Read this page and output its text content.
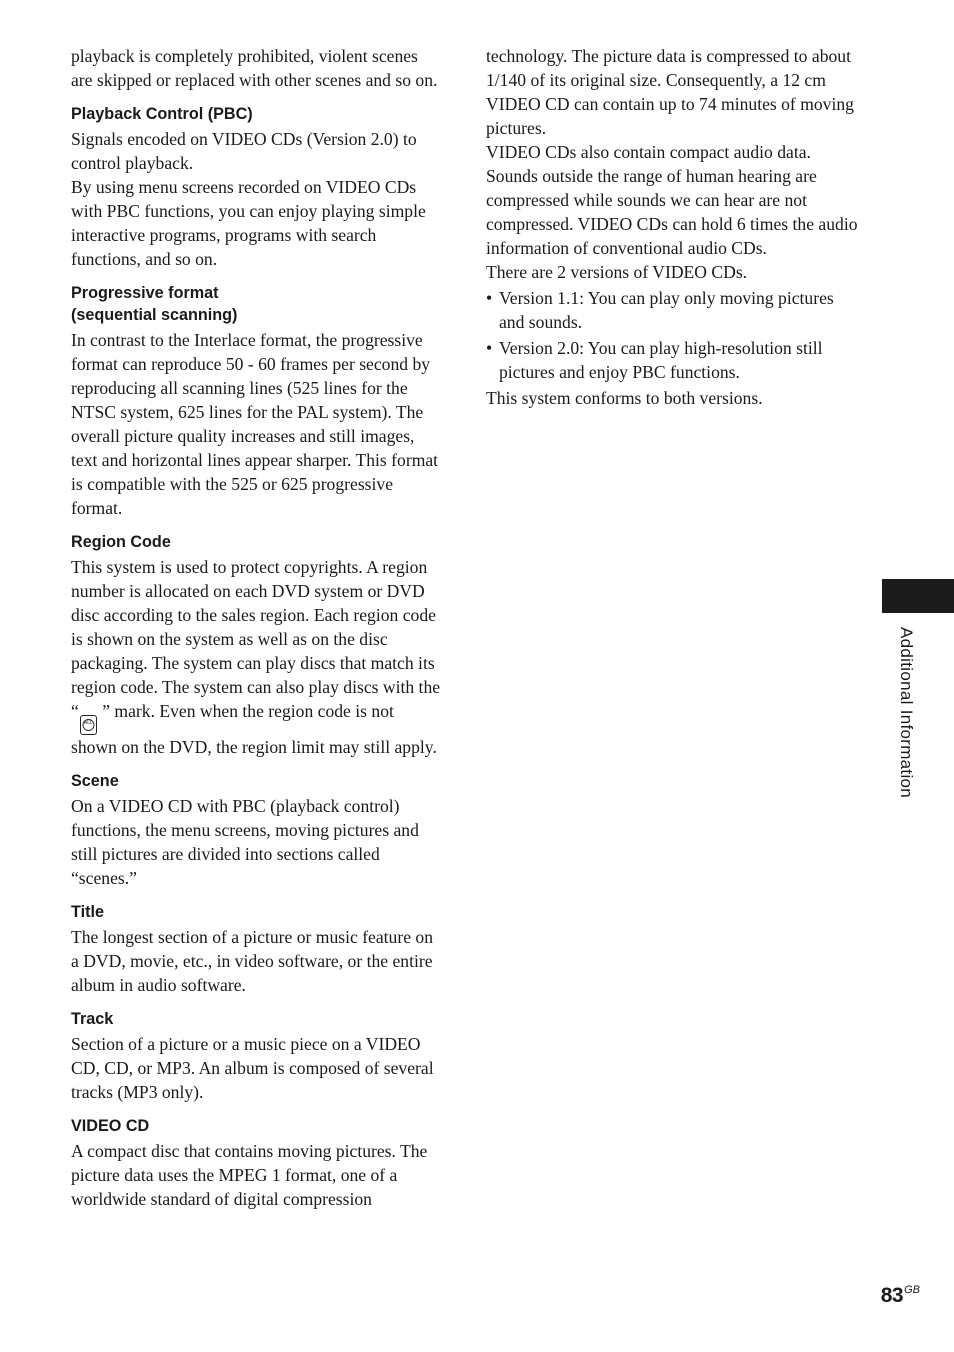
playback is completely prohibited, violent scenes are skipped or replaced with other scenes and so on.

Playback Control (PBC)

Signals encoded on VIDEO CDs (Version 2.0) to control playback.

By using menu screens recorded on VIDEO CDs with PBC functions, you can enjoy playing simple interactive programs, programs with search functions, and so on.

Progressive format
(sequential scanning)

In contrast to the Interlace format, the progressive format can reproduce 50 - 60 frames per second by reproducing all scanning lines (525 lines for the NTSC system, 625 lines for the PAL system). The overall picture quality increases and still images, text and horizontal lines appear sharper. This format is compatible with the 525 or 625 progressive format.

Region Code

This system is used to protect copyrights. A region number is allocated on each DVD system or DVD disc according to the sales region. Each region code is shown on the system as well as on the disc packaging. The system can play discs that match its region code. The system can also play discs with the “
$_{ALL}$ ” mark. Even when the region code is not shown on the DVD, the region limit may still apply.

Scene

On a VIDEO CD with PBC (playback control) functions, the menu screens, moving pictures and still pictures are divided into sections called “scenes.”

Title

The longest section of a picture or music feature on a DVD, movie, etc., in video software, or the entire album in audio software.

Track

Section of a picture or a music piece on a VIDEO CD, CD, or MP3. An album is composed of several tracks (MP3 only).

VIDEO CD

A compact disc that contains moving pictures. The picture data uses the MPEG 1 format, one of a worldwide standard of digital compression

technology. The picture data is compressed to about 1/140 of its original size. Consequently, a 12 cm VIDEO CD can contain up to 74 minutes of moving pictures.

VIDEO CDs also contain compact audio data. Sounds outside the range of human hearing are compressed while sounds we can hear are not compressed. VIDEO CDs can hold 6 times the audio information of conventional audio CDs.

There are 2 versions of VIDEO CDs.

• Version 1.1: You can play only moving pictures and sounds.
• Version 2.0: You can play high-resolution still pictures and enjoy PBC functions.

This system conforms to both versions.

Additional Information
$83^{GB}$
